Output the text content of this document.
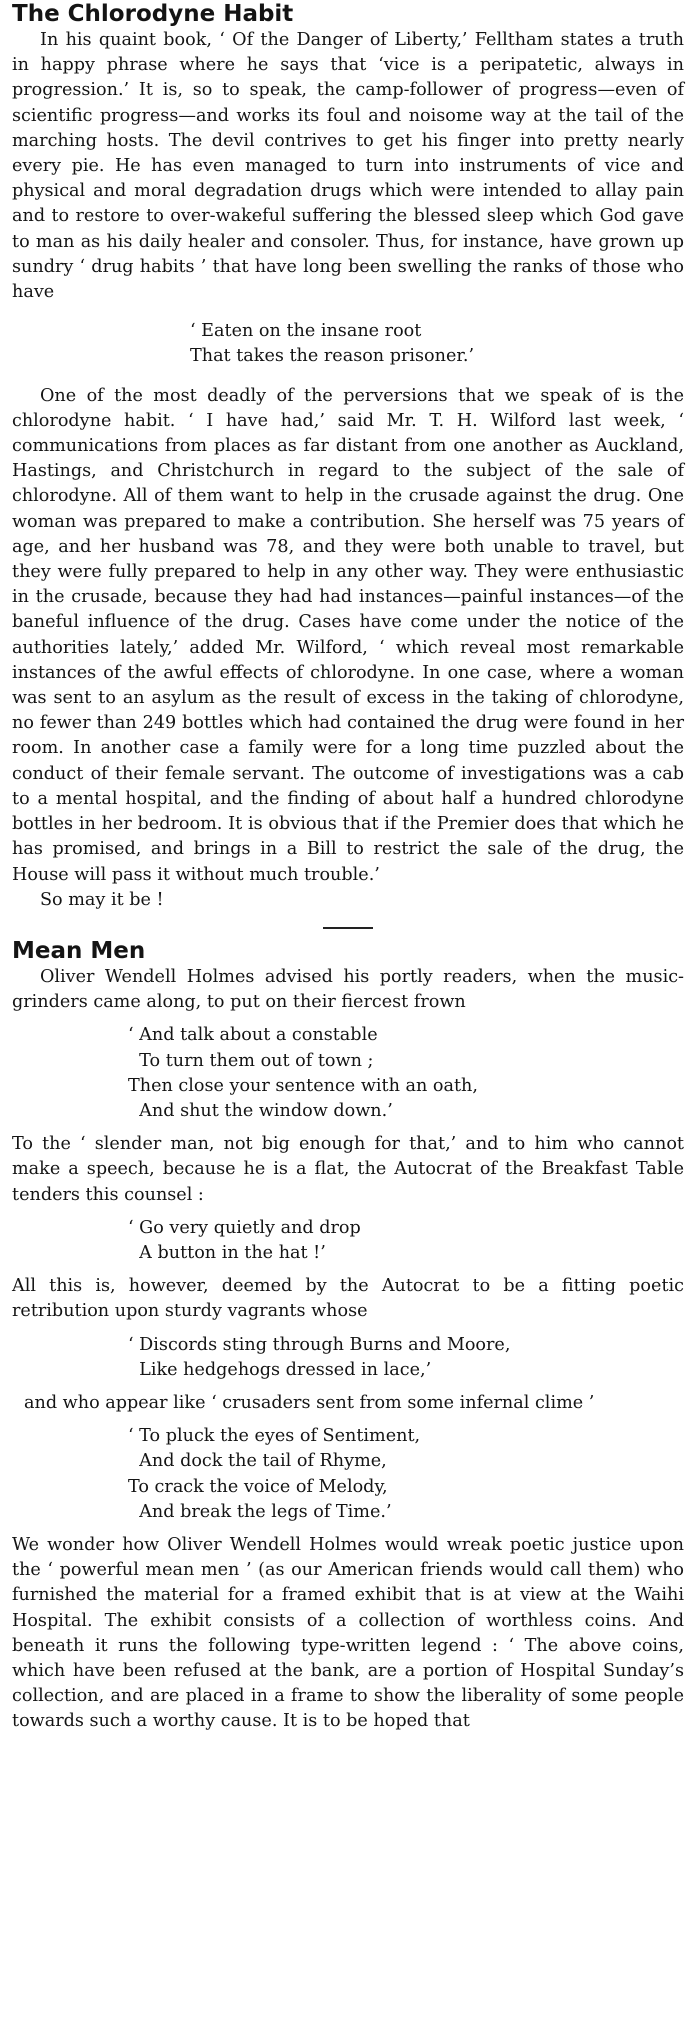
The Chlorodyne Habit

In his quaint book, ‘ Of the Danger of Liberty,’ Felltham states a truth in happy phrase where he says that ‘vice is a peripatetic, always in progression.’ It is, so to speak, the camp-follower of progress—even of scientific progress—and works its foul and noisome way at the tail of the marching hosts. The devil contrives to get his finger into pretty nearly every pie. He has even managed to turn into instruments of vice and physical and moral degradation drugs which were intended to allay pain and to restore to over-wakeful suffering the blessed sleep which God gave to man as his daily healer and consoler. Thus, for instance, have grown up sundry ‘ drug habits ’ that have long been swelling the ranks of those who have

‘ Eaten on the insane root
That takes the reason prisoner.’

One of the most deadly of the perversions that we speak of is the chlorodyne habit. ‘ I have had,’ said Mr. T. H. Wilford last week, ‘ communications from places as far distant from one another as Auckland, Hastings, and Christchurch in regard to the subject of the sale of chlorodyne. All of them want to help in the crusade against the drug. One woman was prepared to make a contribution. She herself was 75 years of age, and her husband was 78, and they were both unable to travel, but they were fully prepared to help in any other way. They were enthusiastic in the crusade, because they had had instances—painful instances—of the baneful influence of the drug. Cases have come under the notice of the authorities lately,’ added Mr. Wilford, ‘ which reveal most remarkable instances of the awful effects of chlorodyne. In one case, where a woman was sent to an asylum as the result of excess in the taking of chlorodyne, no fewer than 249 bottles which had contained the drug were found in her room. In another case a family were for a long time puzzled about the conduct of their female servant. The outcome of investigations was a cab to a mental hospital, and the finding of about half a hundred chlorodyne bottles in her bedroom. It is obvious that if the Premier does that which he has promised, and brings in a Bill to restrict the sale of the drug, the House will pass it without much trouble.’

So may it be !

Mean Men

Oliver Wendell Holmes advised his portly readers, when the music-grinders came along, to put on their fiercest frown

‘ And talk about a constable
To turn them out of town ;
Then close your sentence with an oath,
And shut the window down.’

To the ‘ slender man, not big enough for that,’ and to him who cannot make a speech, because he is a flat, the Autocrat of the Breakfast Table tenders this counsel :

‘ Go very quietly and drop
A button in the hat !’

All this is, however, deemed by the Autocrat to be a fitting poetic retribution upon sturdy vagrants whose

‘ Discords sting through Burns and Moore,
Like hedgehogs dressed in lace,’

and who appear like ‘ crusaders sent from some infernal clime ’

‘ To pluck the eyes of Sentiment,
And dock the tail of Rhyme,
To crack the voice of Melody,
And break the legs of Time.’

We wonder how Oliver Wendell Holmes would wreak poetic justice upon the ‘ powerful mean men ’ (as our American friends would call them) who furnished the material for a framed exhibit that is at view at the Waihi Hospital. The exhibit consists of a collection of worthless coins. And beneath it runs the following type-written legend : ‘ The above coins, which have been refused at the bank, are a portion of Hospital Sunday’s collection, and are placed in a frame to show the liberality of some people towards such a worthy cause. It is to be hoped that
